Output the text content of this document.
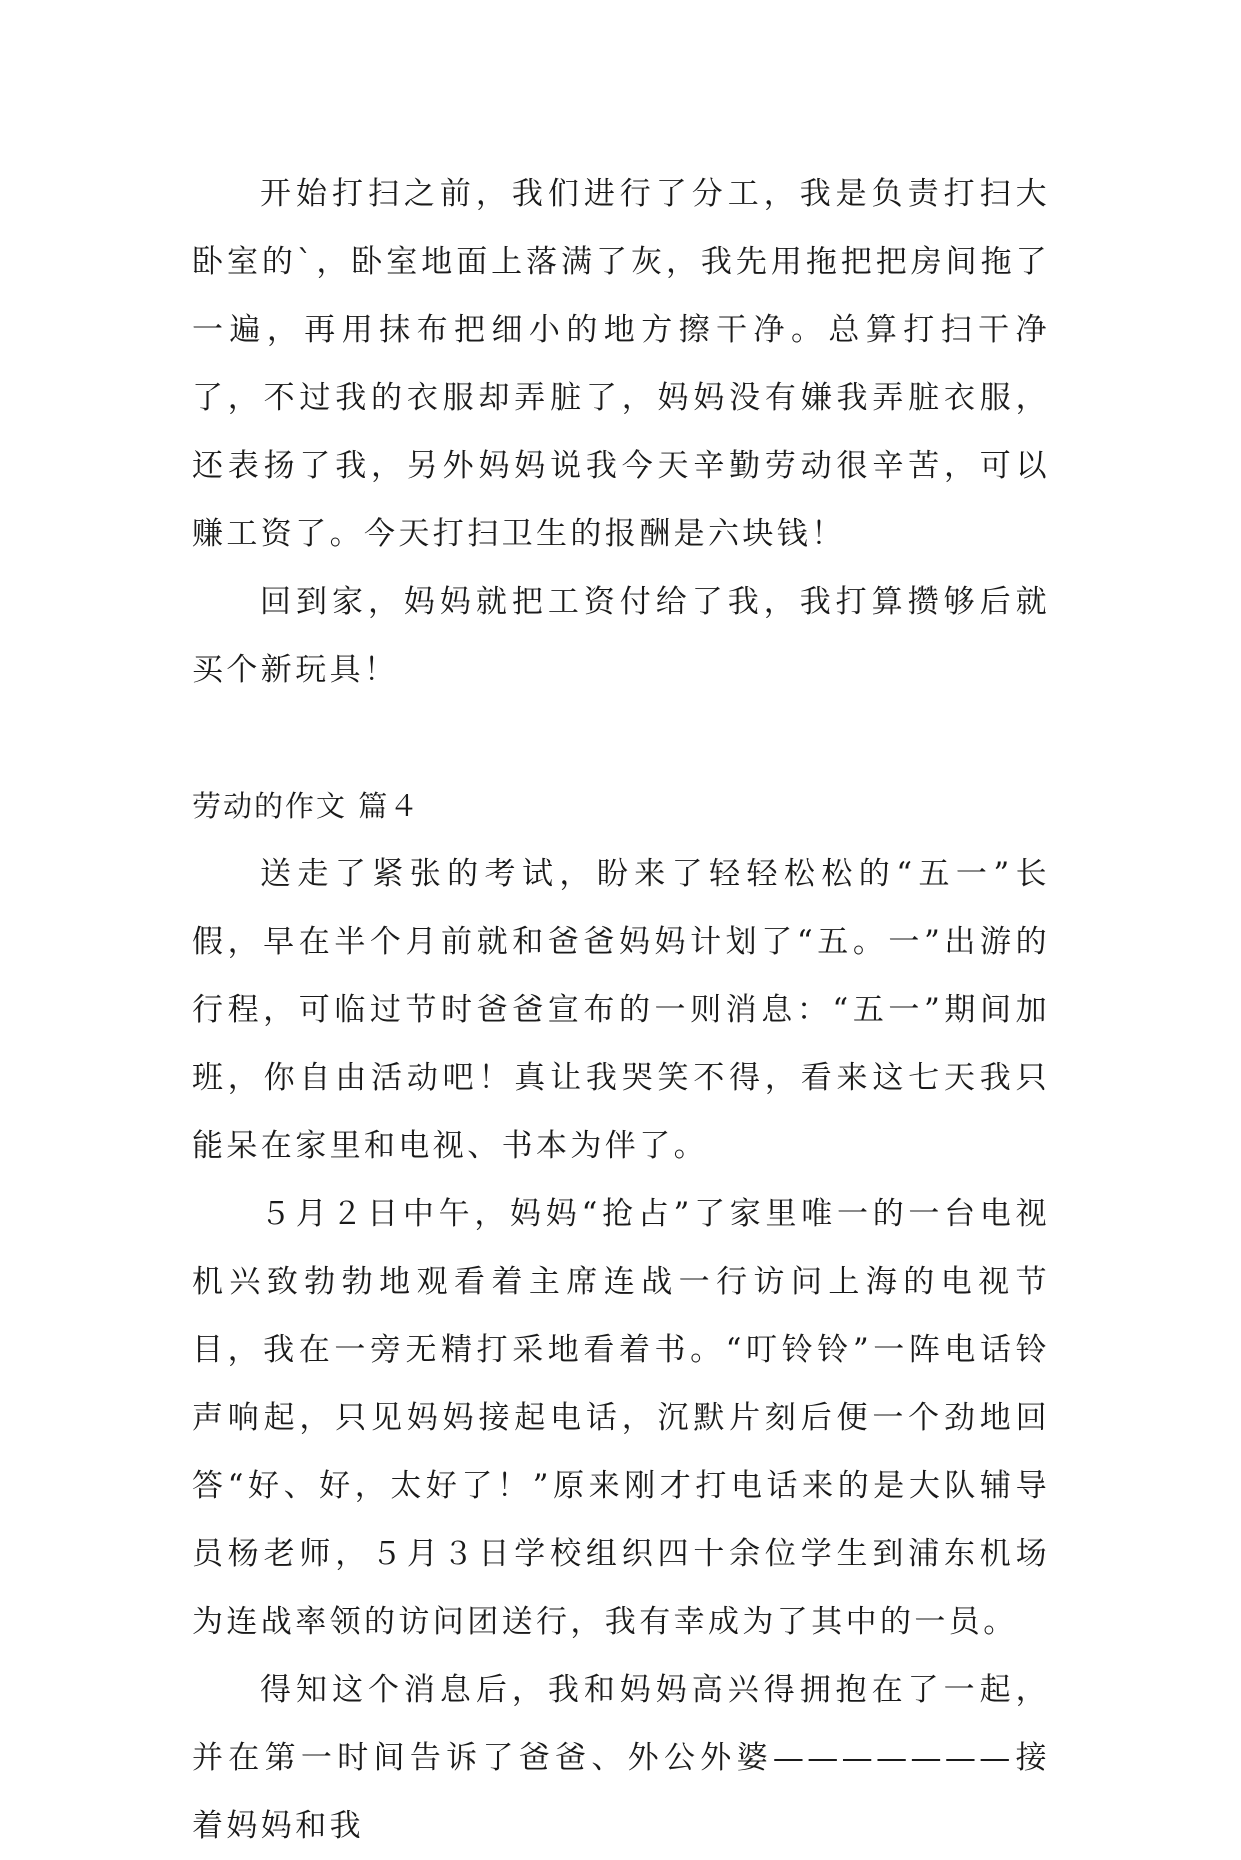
开始打扫之前，我们进行了分工，我是负责打扫大卧室的`，卧室地面上落满了灰，我先用拖把把房间拖了一遍，再用抹布把细小的地方擦干净。总算打扫干净了，不过我的衣服却弄脏了，妈妈没有嫌我弄脏衣服，还表扬了我，另外妈妈说我今天辛勤劳动很辛苦，可以赚工资了。今天打扫卫生的报酬是六块钱！

回到家，妈妈就把工资付给了我，我打算攒够后就买个新玩具！

劳动的作文 篇４

送走了紧张的考试，盼来了轻轻松松的“五一”长假，早在半个月前就和爸爸妈妈计划了“五。一”出游的行程，可临过节时爸爸宣布的一则消息：“五一”期间加班，你自由活动吧！真让我哭笑不得，看来这七天我只能呆在家里和电视、书本为伴了。

５月２日中午，妈妈“抢占”了家里唯一的一台电视机兴致勃勃地观看着主席连战一行访问上海的电视节目，我在一旁无精打采地看着书。“叮铃铃”一阵电话铃声响起，只见妈妈接起电话，沉默片刻后便一个劲地回答“好、好，太好了！”原来刚才打电话来的是大队辅导员杨老师，５月３日学校组织四十余位学生到浦东机场为连战率领的访问团送行，我有幸成为了其中的一员。

得知这个消息后，我和妈妈高兴得拥抱在了一起，并在第一时间告诉了爸爸、外公外婆———————接着妈妈和我
